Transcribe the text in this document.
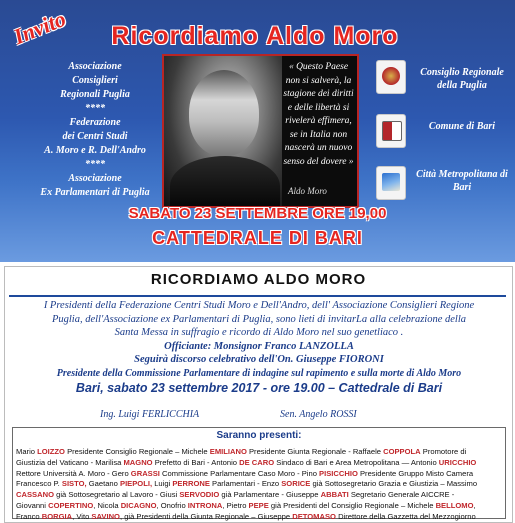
Invito	Ricordiamo Aldo Moro
Associazione
Consiglieri
Regionali Puglia
****
Federazione
dei Centri Studi
A. Moro e R. Dell'Andro
****
Associazione
Ex Parlamentari di Puglia
« Questo Paese non si salverà, la stagione dei diritti e delle libertà si rivelerà effimera, se in Italia non nascerà un nuovo senso del dovere »
Aldo Moro
Consiglio Regionale della Puglia
Comune di Bari
Città Metropolitana di Bari
SABATO 23 SETTEMBRE ORE 19,00
CATTEDRALE DI BARI
RICORDIAMO ALDO MORO
I Presidenti della Federazione Centri Studi Moro e Dell'Andro, dell' Associazione Consiglieri Regione
Puglia, dell'Associazione ex Parlamentari di Puglia, sono lieti di invitarLa alla celebrazione della
Santa Messa in suffragio e ricordo di Aldo Moro nel suo genetliaco .
Officiante: Monsignor Franco LANZOLLA
Seguirà discorso celebrativo dell'On. Giuseppe FIORONI
Presidente della Commissione Parlamentare di indagine sul rapimento e sulla morte di Aldo Moro
Bari, sabato 23 settembre 2017 - ore 19.00 – Cattedrale di Bari
Ing. Luigi FERLICCHIA	Sen. Angelo ROSSI
Saranno presenti:
Mario LOIZZO Presidente Consiglio Regionale – Michele EMILIANO Presidente Giunta Regionale - Raffaele COPPOLA Promotore di
Giustizia del Vaticano - Marilisa MAGNO Prefetto di Bari - Antonio DE CARO Sindaco di Bari e Area Metropolitana — Antonio URICCHIO
Rettore Università A. Moro - Gero GRASSI Commissione Parlamentare Caso Moro - Pino PISICCHIO Presidente Gruppo Misto Camera
Francesco P. SISTO, Gaetano PIEPOLI, Luigi PERRONE Parlamentari - Enzo SORICE già Sottosegretario Grazia e Giustizia – Massimo
CASSANO già Sottosegretario al Lavoro - Giusi SERVODIO già Parlamentare - Giuseppe ABBATI Segretario Generale AICCRE -
Giovanni COPERTINO, Nicola DICAGNO, Onofrio INTRONA, Pietro PEPE già Presidenti del Consiglio Regionale – Michele BELLOMO,
Franco BORGIA, Vito SAVINO, già Presidenti della Giunta Regionale – Giuseppe DETOMASO Direttore della Gazzetta del Mezzogiorno
